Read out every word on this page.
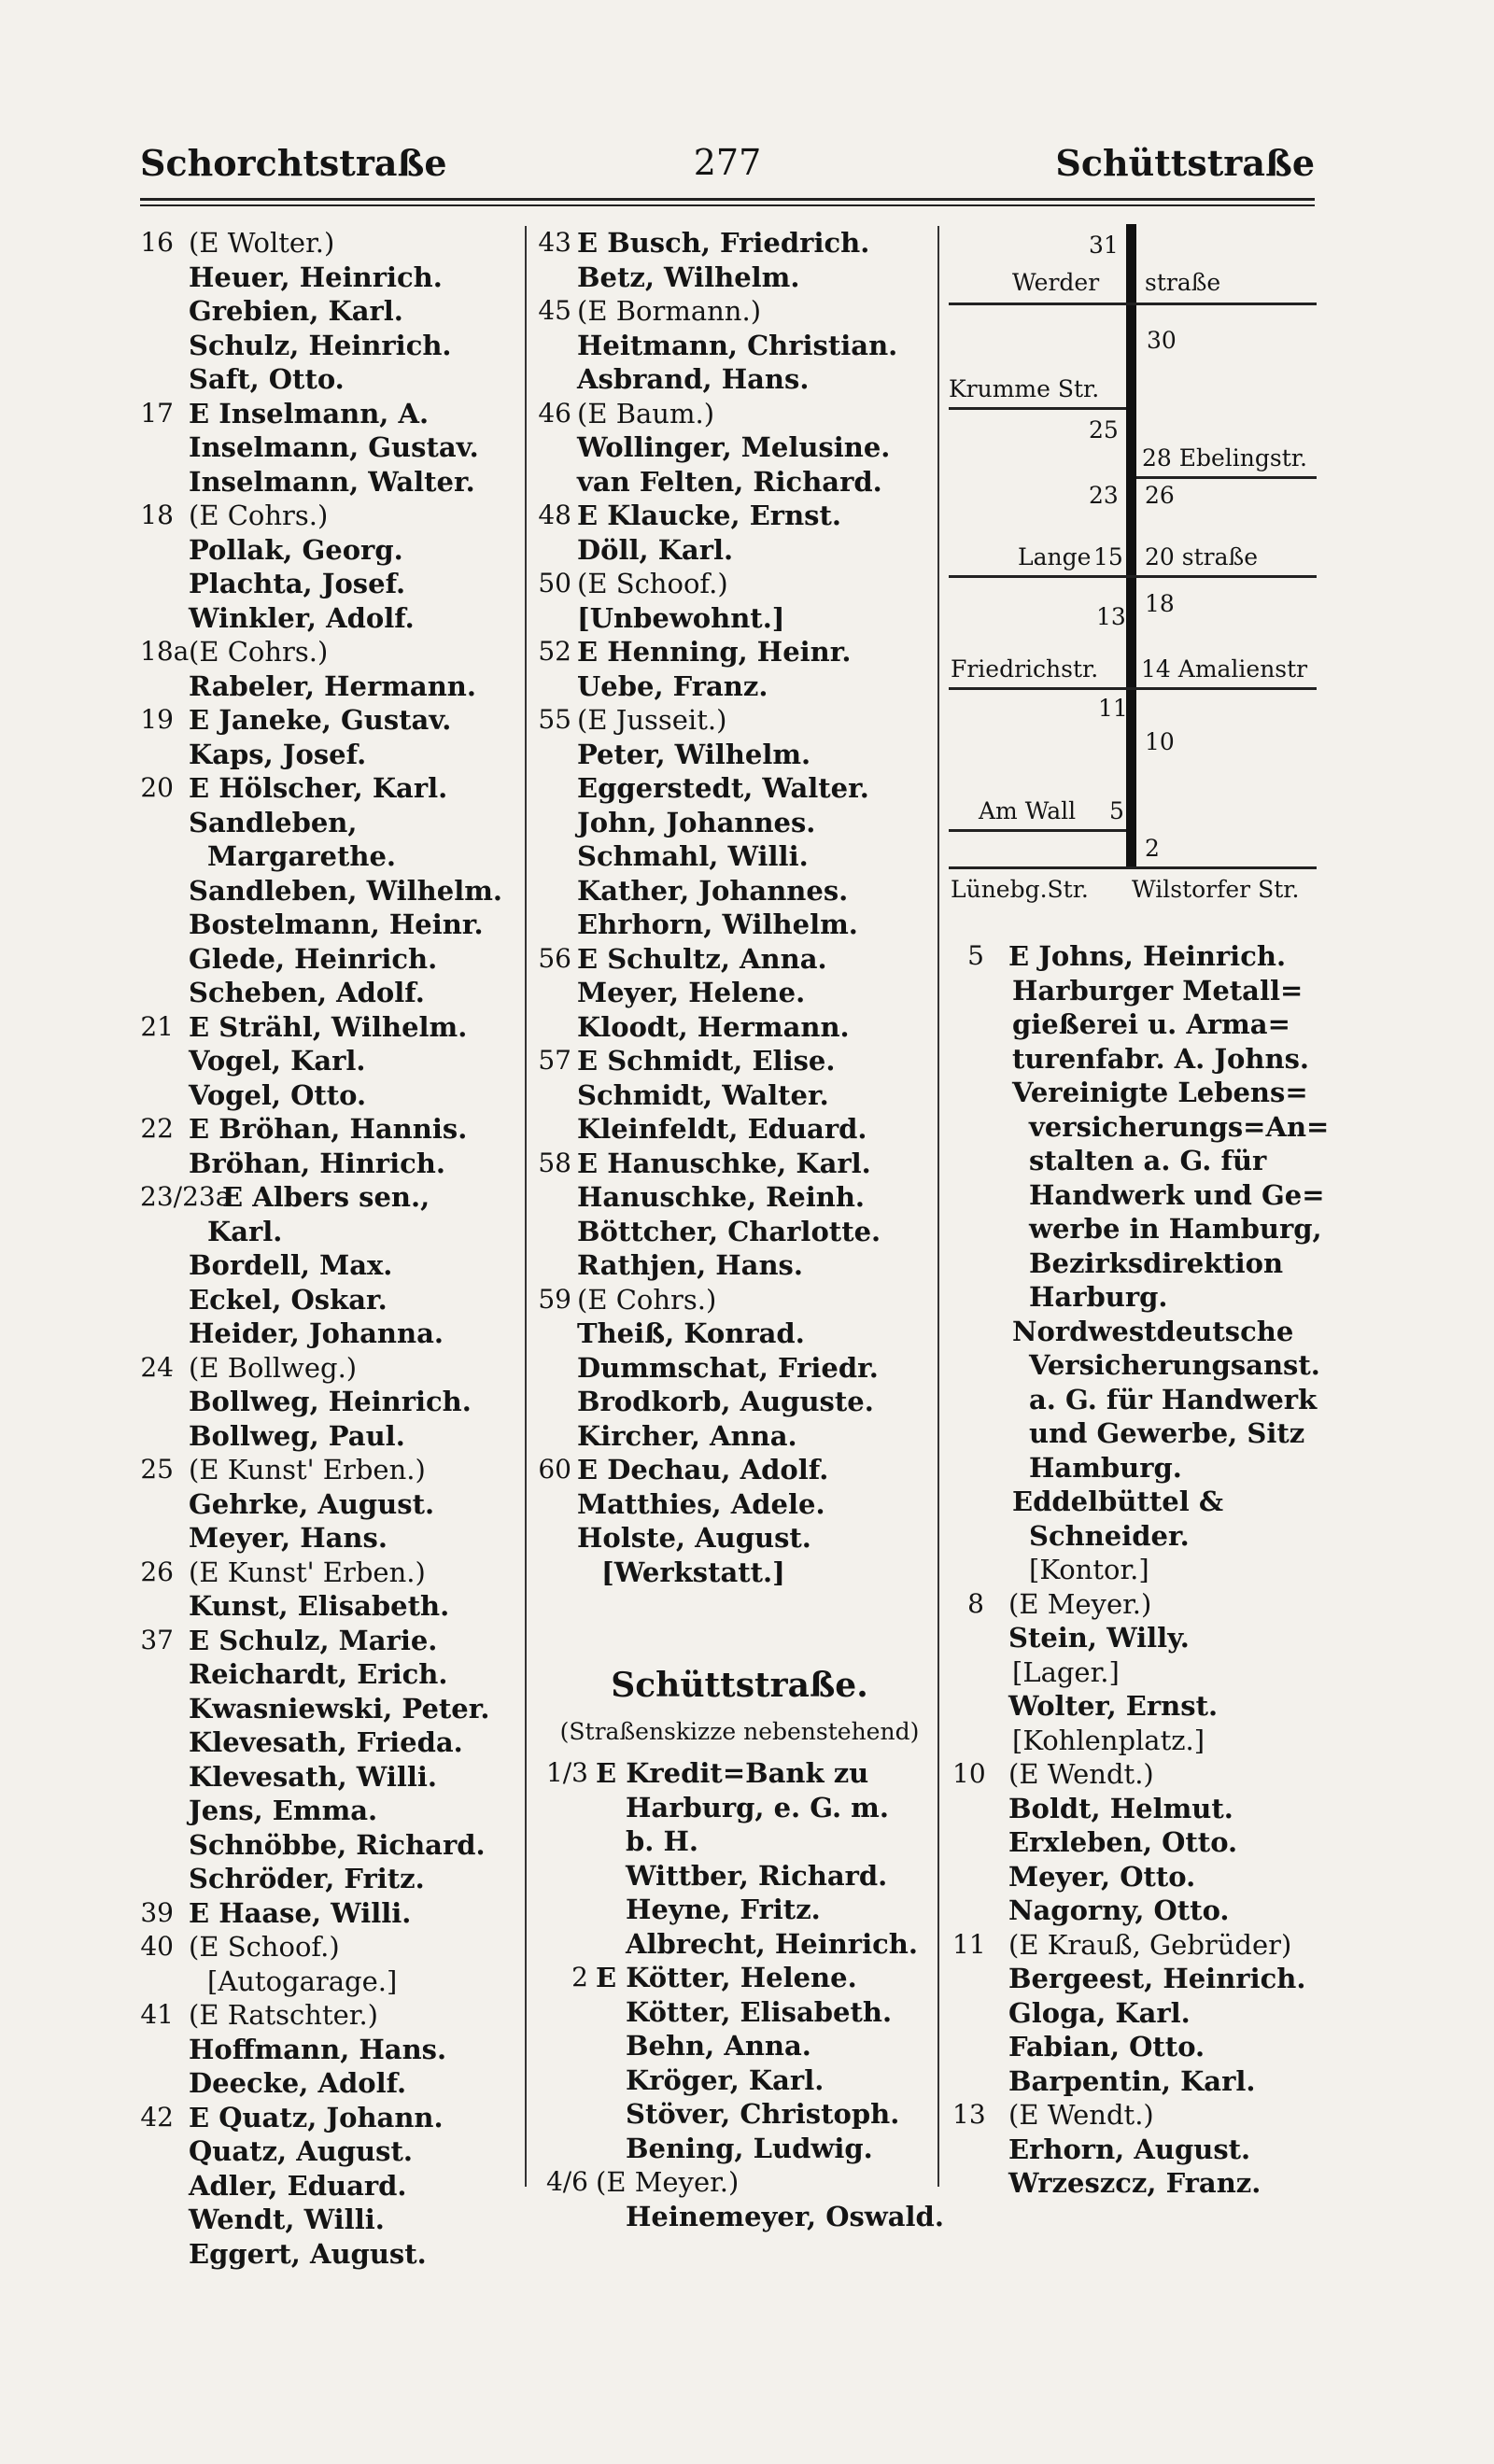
Schorchtstraße	277	Schüttstraße
16 (E Wolter.)
Heuer, Heinrich.
Grebien, Karl.
Schulz, Heinrich.
Saft, Otto.
17 E Inselmann, A.
Inselmann, Gustav.
Inselmann, Walter.
18 (E Cohrs.)
Pollak, Georg.
Plachta, Josef.
Winkler, Adolf.
18a (E Cohrs.)
Rabeler, Hermann.
19 E Janeke, Gustav.
Kaps, Josef.
20 E Hölscher, Karl.
Sandleben,
Margarethe.
Sandleben, Wilhelm.
Bostelmann, Heinr.
Glede, Heinrich.
Scheben, Adolf.
21 E Strähl, Wilhelm.
Vogel, Karl.
Vogel, Otto.
22 E Bröhan, Hannis.
Bröhan, Hinrich.
23/23a
E Albers sen.,
Karl.
Bordell, Max.
Eckel, Oskar.
Heider, Johanna.
24 (E Bollweg.)
Bollweg, Heinrich.
Bollweg, Paul.
25 (E Kunst' Erben.)
Gehrke, August.
Meyer, Hans.
26 (E Kunst' Erben.)
Kunst, Elisabeth.
37 E Schulz, Marie.
Reichardt, Erich.
Kwasniewski, Peter.
Klevesath, Frieda.
Klevesath, Willi.
Jens, Emma.
Schnöbbe, Richard.
Schröder, Fritz.
39 E Haase, Willi.
40 (E Schoof.)
[Autogarage.]
41 (E Ratschter.)
Hoffmann, Hans.
Deecke, Adolf.
42 E Quatz, Johann.
Quatz, August.
Adler, Eduard.
Wendt, Willi.
Eggert, August.
43 E Busch, Friedrich.
Betz, Wilhelm.
45 (E Bormann.)
Heitmann, Christian.
Asbrand, Hans.
46 (E Baum.)
Wollinger, Melusine.
van Felten, Richard.
48 E Klaucke, Ernst.
Döll, Karl.
50 (E Schoof.)
[Unbewohnt.]
52 E Henning, Heinr.
Uebe, Franz.
55 (E Jusseit.)
Peter, Wilhelm.
Eggerstedt, Walter.
John, Johannes.
Schmahl, Willi.
Kather, Johannes.
Ehrhorn, Wilhelm.
56 E Schultz, Anna.
Meyer, Helene.
Kloodt, Hermann.
57 E Schmidt, Elise.
Schmidt, Walter.
Kleinfeldt, Eduard.
58 E Hanuschke, Karl.
Hanuschke, Reinh.
Böttcher, Charlotte.
Rathjen, Hans.
59 (E Cohrs.)
Theiß, Konrad.
Dummschat, Friedr.
Brodkorb, Auguste.
Kircher, Anna.
60 E Dechau, Adolf.
Matthies, Adele.
Holste, August.
[Werkstatt.]
Schüttstraße.
(Straßenskizze nebenstehend)
1/3 E Kredit=Bank zu
Harburg, e. G. m.
b. H.
Wittber, Richard.
Heyne, Fritz.
Albrecht, Heinrich.
2 E Kötter, Helene.
Kötter, Elisabeth.
Behn, Anna.
Kröger, Karl.
Stöver, Christoph.
Bening, Ludwig.
4/6 (E Meyer.)
Heinemeyer, Oswald.
31
Werder straße
30
Krumme Str.
25
28 Ebelingstr.
23 26
Lange 15 20 straße
13 18
Friedrichstr. 14 Amalienstr
11
10
Am Wall 5
2
Lünebg.Str. Wilstorfer Str.
5 E Johns, Heinrich.
Harburger Metall=
gießerei u. Arma=
turenfabr. A. Johns.
Vereinigte Lebens=
versicherungs=An=
stalten a. G. für
Handwerk und Ge=
werbe in Hamburg,
Bezirksdirektion
Harburg.
Nordwestdeutsche
Versicherungsanst.
a. G. für Handwerk
und Gewerbe, Sitz
Hamburg.
Eddelbüttel &
Schneider.
[Kontor.]
8 (E Meyer.)
Stein, Willy.
[Lager.]
Wolter, Ernst.
[Kohlenplatz.]
10 (E Wendt.)
Boldt, Helmut.
Erxleben, Otto.
Meyer, Otto.
Nagorny, Otto.
11 (E Krauß, Gebrüder)
Bergeest, Heinrich.
Gloga, Karl.
Fabian, Otto.
Barpentin, Karl.
13 (E Wendt.)
Erhorn, August.
Wrzeszcz, Franz.
